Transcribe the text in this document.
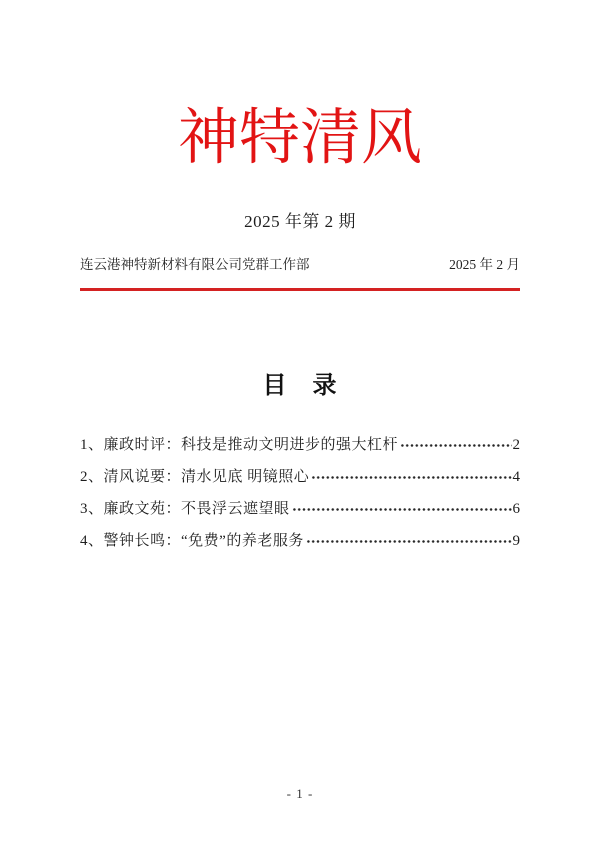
神特清风
2025 年第 2 期
连云港神特新材料有限公司党群工作部	2025 年 2 月
目　录
1、廉政时评：科技是推动文明进步的强大杠杆	2
2、清风说要：清水见底 明镜照心	4
3、廉政文苑：不畏浮云遮望眼	6
4、警钟长鸣：“免费”的养老服务	9
- 1 -
